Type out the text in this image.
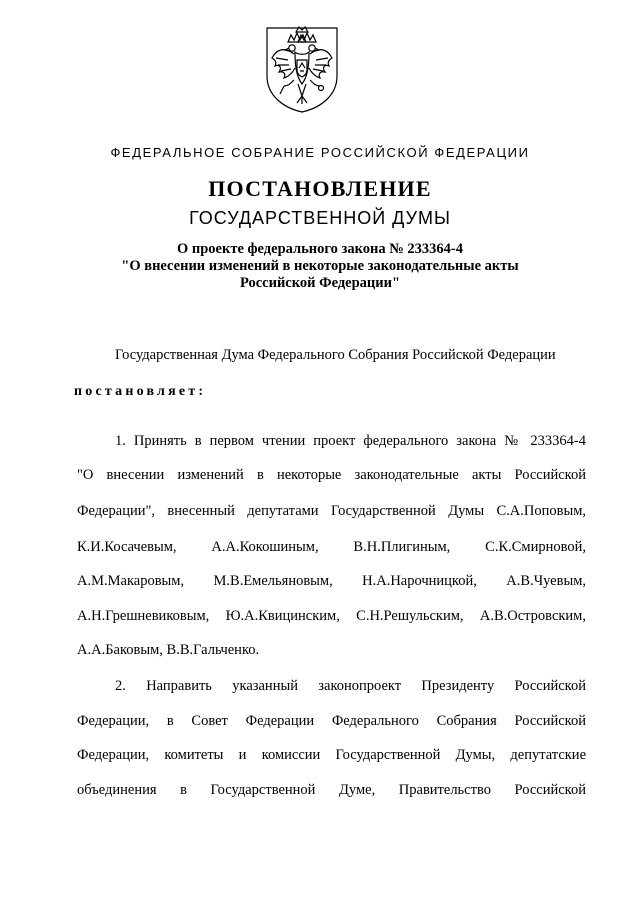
ФЕДЕРАЛЬНОЕ СОБРАНИЕ РОССИЙСКОЙ ФЕДЕРАЦИИ
ПОСТАНОВЛЕНИЕ
ГОСУДАРСТВЕННОЙ ДУМЫ
О проекте федерального закона № 233364-4
"О внесении изменений в некоторые законодательные акты
Российской Федерации"
Государственная Дума Федерального Собрания Российской Федерации
постановляет:
1. Принять в первом чтении проект федерального закона № 233364-4
"О внесении изменений в некоторые законодательные акты Российской
Федерации", внесенный депутатами Государственной Думы С.А.Поповым,
К.И.Косачевым, А.А.Кокошиным, В.Н.Плигиным, С.К.Смирновой,
А.М.Макаровым, М.В.Емельяновым, Н.А.Нарочницкой, А.В.Чуевым,
А.Н.Грешневиковым, Ю.А.Квицинским, С.Н.Решульским, А.В.Островским,
А.А.Баковым, В.В.Гальченко.
2. Направить указанный законопроект Президенту Российской
Федерации, в Совет Федерации Федерального Собрания Российской
Федерации, комитеты и комиссии Государственной Думы, депутатские
объединения в Государственной Думе, Правительство Российской
